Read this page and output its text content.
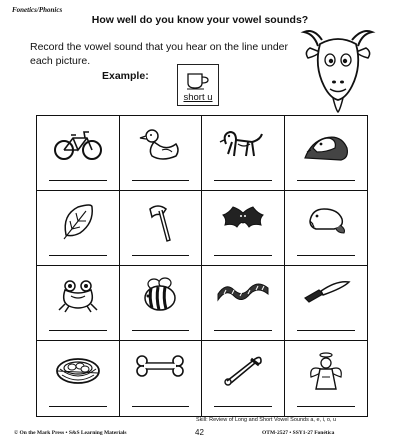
Fonetics/Phonics
How well do you know your vowel sounds?
Record the vowel sound that you hear on the line under each picture.
Example:
short u
Skill: Review of Long and Short Vowel Sounds a, e, i, o, u
© On the Mark Press • S&S Learning Materials	42	OTM-2527 • SSY1-27 Fonética
